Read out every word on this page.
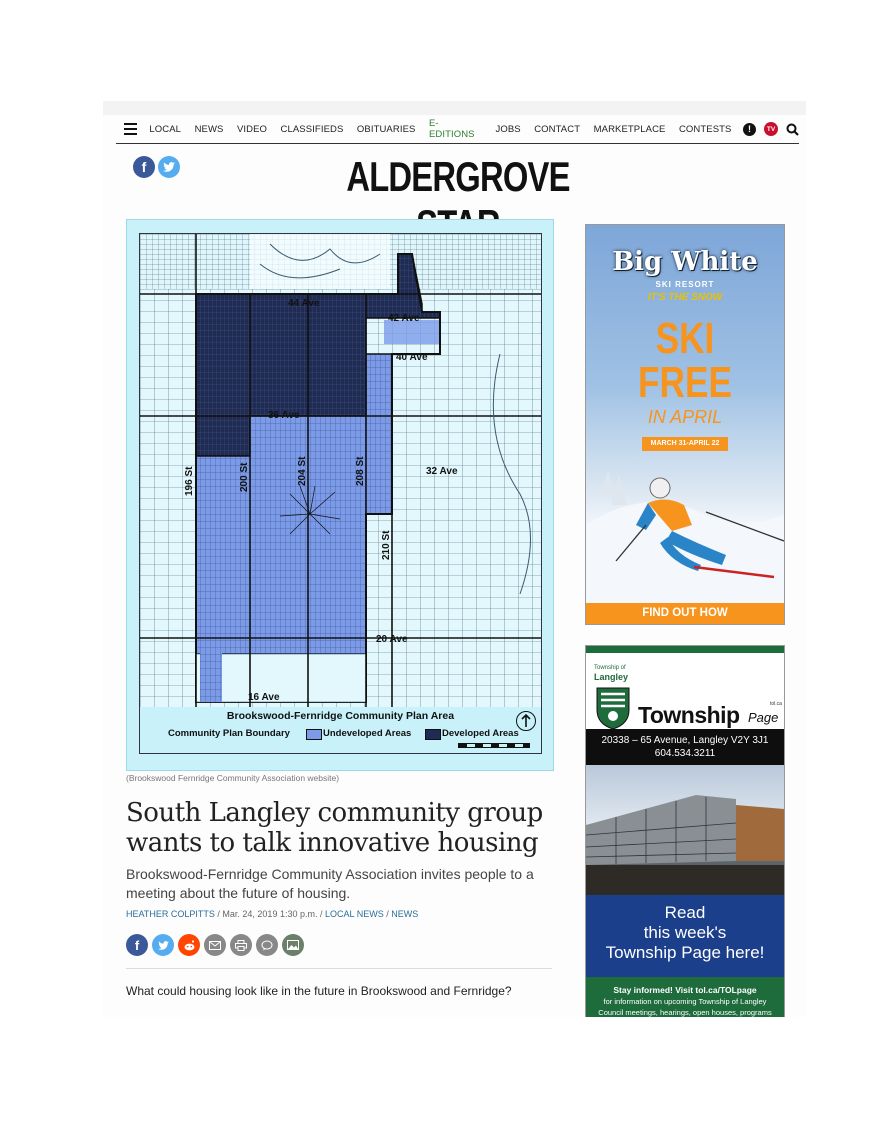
LOCAL NEWS VIDEO CLASSIFIEDS OBITUARIES E-EDITIONS	JOBS CONTACT MARKETPLACE CONTESTS	!	TV
f	ALDERGROVE
44 Ave
42 Ave
40 Ave
36 Ave
32 Ave
20 Ave
16 Ave
196 St	200 St	204 St	208 St
210 St
Brookswood-Fernridge Community Plan Area
Community Plan Boundary	Undeveloped Areas	Developed Areas
(Brookswood Fernridge Community Association website)
South Langley community group wants to talk innovative housing
Brookswood-Fernridge Community Association invites people to a meeting about the future of housing.
HEATHER COLPITTS / Mar. 24, 2019 1:30 p.m. / LOCAL NEWS / NEWS
f
What could housing look like in the future in Brookswood and Fernridge?
Big White
SKI RESORT
IT'S THE SNOW
SKI
FREE
IN APRIL
MARCH 31-APRIL 22
FIND OUT HOW
Township of
Langley
Township Page
tol.ca
20338 – 65 Avenue, Langley V2Y 3J1
604.534.3211
Read
this week's
Township Page here!
Stay informed! Visit tol.ca/TOLpage
for information on upcoming Township of Langley
Council meetings, hearings, open houses, programs
